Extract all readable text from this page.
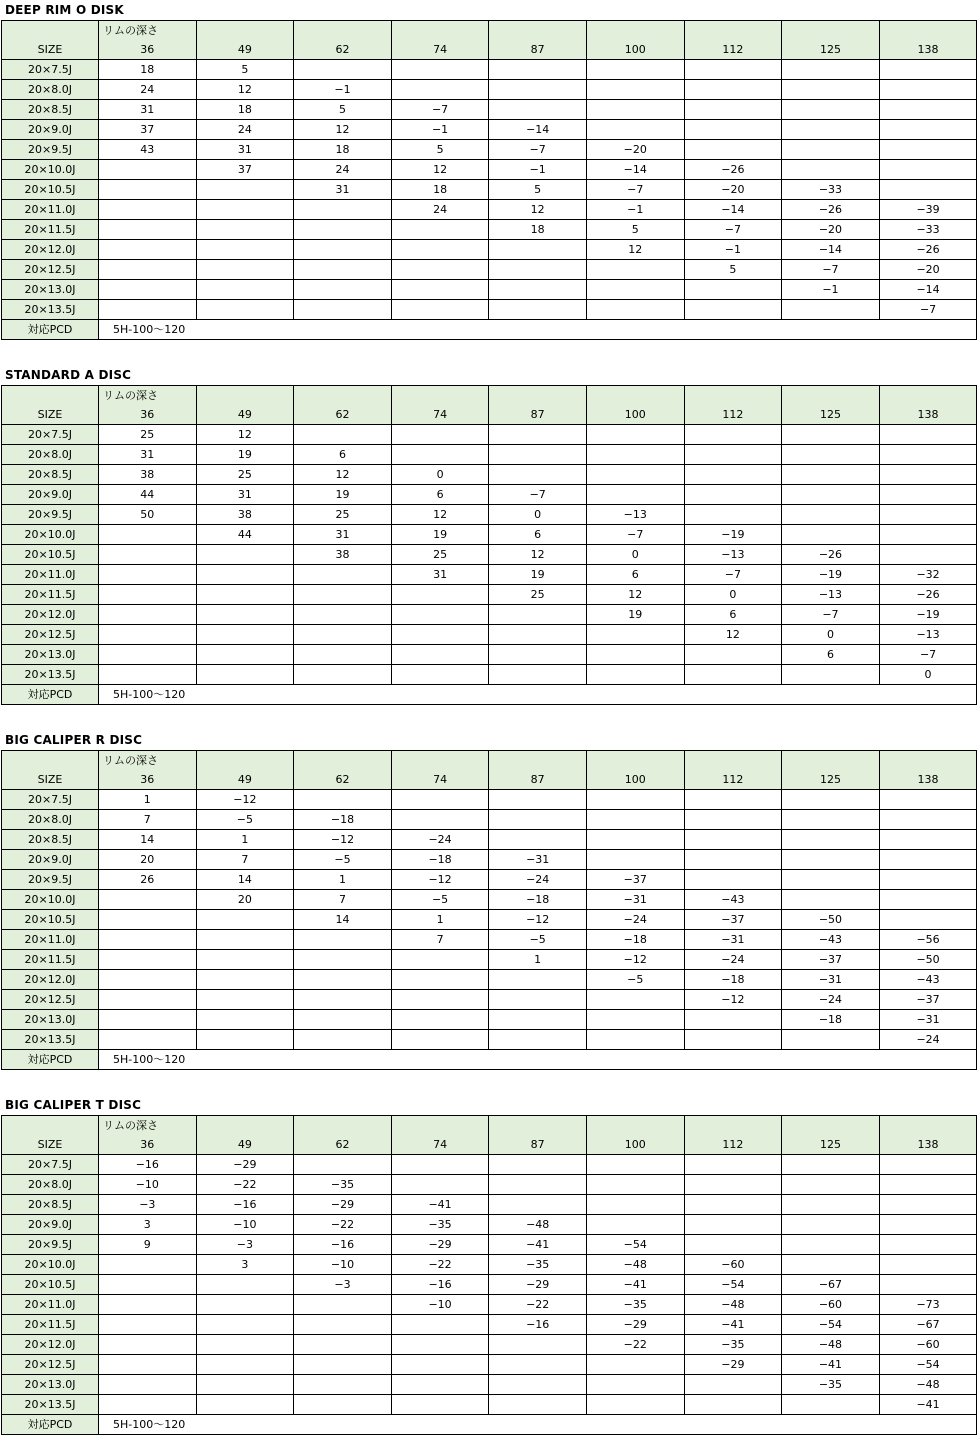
DEEP RIM O DISK
	リムの深さ								
SIZE	36	49	62	74	87	100	112	125	138
20×7.5J	18	5							
20×8.0J	24	12	−1						
20×8.5J	31	18	5	−7					
20×9.0J	37	24	12	−1	−14				
20×9.5J	43	31	18	5	−7	−20			
20×10.0J		37	24	12	−1	−14	−26		
20×10.5J			31	18	5	−7	−20	−33	
20×11.0J				24	12	−1	−14	−26	−39
20×11.5J					18	5	−7	−20	−33
20×12.0J						12	−1	−14	−26
20×12.5J							5	−7	−20
20×13.0J								−1	−14
20×13.5J									−7
対応PCD	5H-100～120								
STANDARD A DISC
	リムの深さ								
SIZE	36	49	62	74	87	100	112	125	138
20×7.5J	25	12							
20×8.0J	31	19	6						
20×8.5J	38	25	12	0					
20×9.0J	44	31	19	6	−7				
20×9.5J	50	38	25	12	0	−13			
20×10.0J		44	31	19	6	−7	−19		
20×10.5J			38	25	12	0	−13	−26	
20×11.0J				31	19	6	−7	−19	−32
20×11.5J					25	12	0	−13	−26
20×12.0J						19	6	−7	−19
20×12.5J							12	0	−13
20×13.0J								6	−7
20×13.5J									0
対応PCD	5H-100～120								
BIG CALIPER R DISC
	リムの深さ								
SIZE	36	49	62	74	87	100	112	125	138
20×7.5J	1	−12							
20×8.0J	7	−5	−18						
20×8.5J	14	1	−12	−24					
20×9.0J	20	7	−5	−18	−31				
20×9.5J	26	14	1	−12	−24	−37			
20×10.0J		20	7	−5	−18	−31	−43		
20×10.5J			14	1	−12	−24	−37	−50	
20×11.0J				7	−5	−18	−31	−43	−56
20×11.5J					1	−12	−24	−37	−50
20×12.0J						−5	−18	−31	−43
20×12.5J							−12	−24	−37
20×13.0J								−18	−31
20×13.5J									−24
対応PCD	5H-100～120								
BIG CALIPER T DISC
	リムの深さ								
SIZE	36	49	62	74	87	100	112	125	138
20×7.5J	−16	−29							
20×8.0J	−10	−22	−35						
20×8.5J	−3	−16	−29	−41					
20×9.0J	3	−10	−22	−35	−48				
20×9.5J	9	−3	−16	−29	−41	−54			
20×10.0J		3	−10	−22	−35	−48	−60		
20×10.5J			−3	−16	−29	−41	−54	−67	
20×11.0J				−10	−22	−35	−48	−60	−73
20×11.5J					−16	−29	−41	−54	−67
20×12.0J						−22	−35	−48	−60
20×12.5J							−29	−41	−54
20×13.0J								−35	−48
20×13.5J									−41
対応PCD	5H-100～120								
